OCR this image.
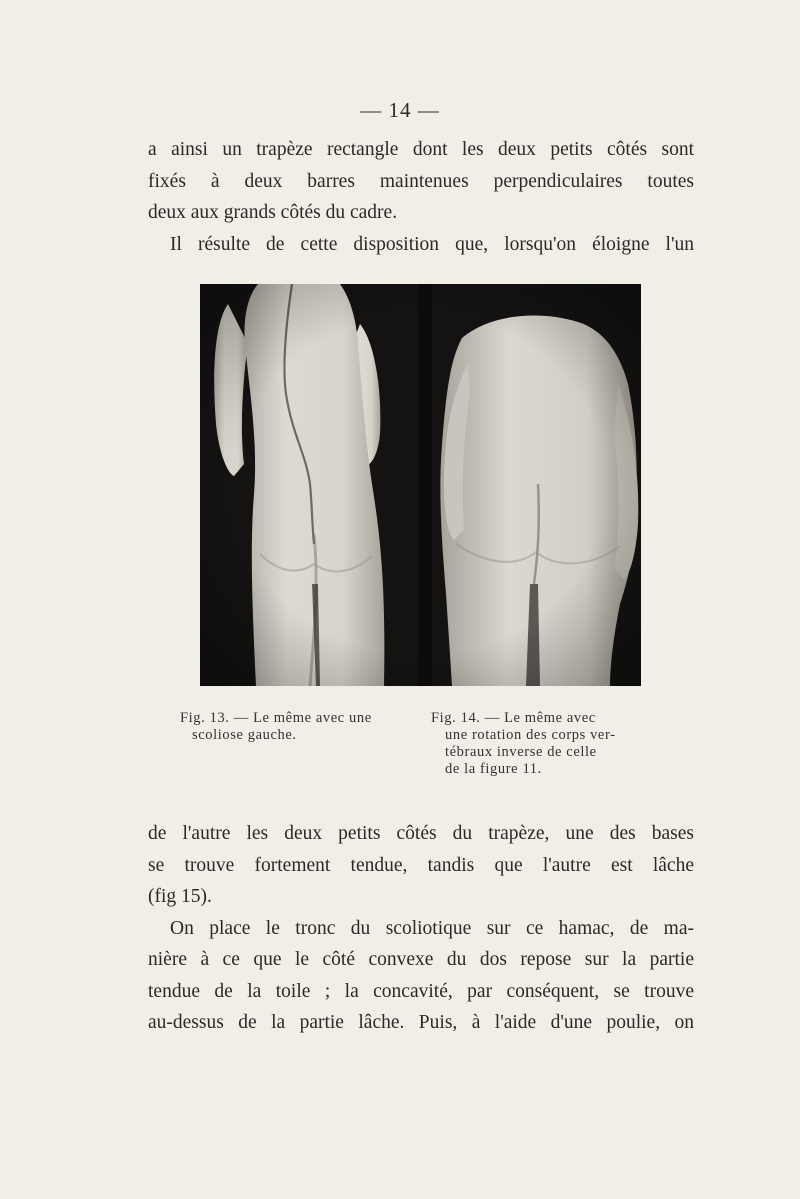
— 14 —
a ainsi un trapèze rectangle dont les deux petits côtés sont
fixés à deux barres maintenues perpendiculaires toutes
deux aux grands côtés du cadre.
Il résulte de cette disposition que, lorsqu'on éloigne l'un
Fig. 13. — Le même avec une
scoliose gauche.
Fig. 14. — Le même avec
une rotation des corps ver-
tébraux inverse de celle
de la figure 11.
de l'autre les deux petits côtés du trapèze, une des bases
se trouve fortement tendue, tandis que l'autre est lâche
(fig 15).
On place le tronc du scoliotique sur ce hamac, de ma-
nière à ce que le côté convexe du dos repose sur la partie
tendue de la toile ; la concavité, par conséquent, se trouve
au-dessus de la partie lâche. Puis, à l'aide d'une poulie, on
